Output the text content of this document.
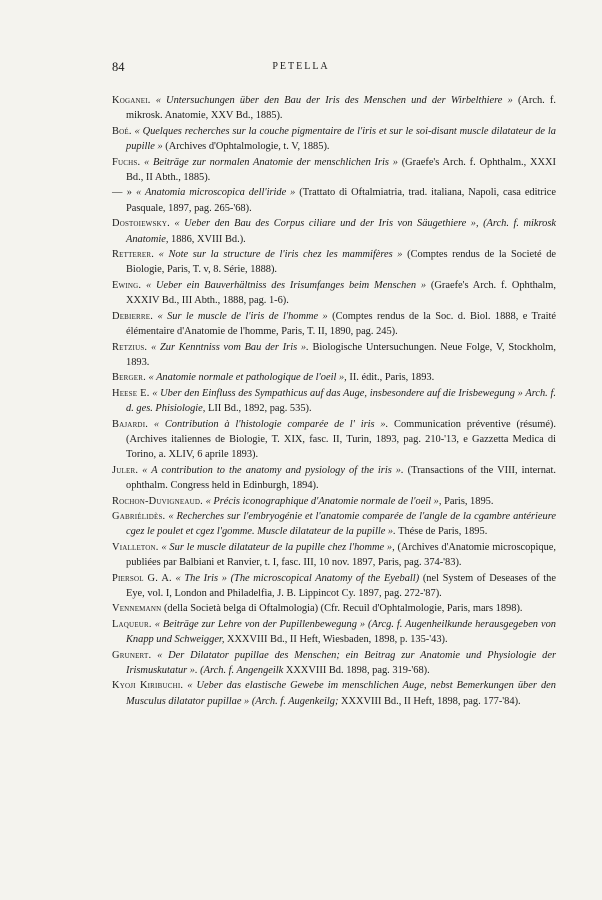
84	PETELLA

Koganei. « Untersuchungen über den Bau der Iris des Menschen und der Wirbelthiere » (Arch. f. mikrosk. Anatomie, XXV Bd., 1885).

Boé. « Quelques recherches sur la couche pigmentaire de l'iris et sur le soi-disant muscle dilatateur de la pupille » (Archives d'Ophtalmologie, t. V, 1885).

Fuchs. « Beiträge zur normalen Anatomie der menschlichen Iris » (Graefe's Arch. f. Ophthalm., XXXI Bd., II Abth., 1885).

— » « Anatomia microscopica dell'iride » (Trattato di Oftalmiatria, trad. italiana, Napoli, casa editrice Pasquale, 1897, pag. 265-'68).

Dostoiewsky. « Ueber den Bau des Corpus ciliare und der Iris von Säugethiere », (Arch. f. mikrosk Anatomie, 1886, XVIII Bd.).

Retterer. « Note sur la structure de l'iris chez les mammifères » (Comptes rendus de la Societé de Biologie, Paris, T. v, 8. Série, 1888).

Ewing. « Ueber ein Bauverhältniss des Irisumfanges beim Menschen » (Graefe's Arch. f. Ophthalm, XXXIV Bd., III Abth., 1888, pag. 1-6).

Debierre. « Sur le muscle de l'iris de l'homme » (Comptes rendus de la Soc. d. Biol. 1888, e Traité élémentaire d'Anatomie de l'homme, Paris, T. II, 1890, pag. 245).

Retzius. « Zur Kenntniss vom Bau der Iris ». Biologische Untersuchungen. Neue Folge, V, Stockholm, 1893.

Berger. « Anatomie normale et pathologique de l'oeil », II. édit., Paris, 1893.

Heese E. « Uber den Einfluss des Sympathicus auf das Auge, insbesondere auf die Irisbewegung » Arch. f. d. ges. Phisiologie, LII Bd., 1892, pag. 535).

Bajardi. « Contribution à l'histologie comparée de l' iris ». Communication préventive (résumé). (Archives italiennes de Biologie, T. XIX, fasc. II, Turin, 1893, pag. 210-'13, e Gazzetta Medica di Torino, a. XLIV, 6 aprile 1893).

Juler. « A contribution to the anatomy and pysiology of the iris ». (Transactions of the VIII, internat. ophthalm. Congress held in Edinburgh, 1894).

Rochon-Duvigneaud. « Précis iconographique d'Anatomie normale de l'oeil », Paris, 1895.

Gabriélidès. « Recherches sur l'embryogénie et l'anatomie comparée de l'angle de la cgambre antérieure cgez le poulet et cgez l'gomme. Muscle dilatateur de la pupille ». Thése de Paris, 1895.

Vialleton. « Sur le muscle dilatateur de la pupille chez l'homme », (Archives d'Anatomie microscopique, publiées par Balbiani et Ranvier, t. I, fasc. III, 10 nov. 1897, Paris, pag. 374-'83).

Piersol G. A. « The Iris » (The microscopical Anatomy of the Eyeball) (nel System of Deseases of the Eye, vol. I, London and Philadelfia, J. B. Lippincot Cy. 1897, pag. 272-'87).

Vennemann (della Società belga di Oftalmologia) (Cfr. Recuil d'Ophtalmologie, Paris, mars 1898).

Laqueur. « Beiträge zur Lehre von der Pupillenbewegung » (Arcg. f. Augenheilkunde herausgegeben von Knapp und Schweigger, XXXVIII Bd., II Heft, Wiesbaden, 1898, p. 135-'43).

Grunert. « Der Dilatator pupillae des Menschen; ein Beitrag zur Anatomie und Physiologie der Irismuskutatur ». (Arch. f. Angengeilk XXXVIII Bd. 1898, pag. 319-'68).

Kyoji Kiribuchi. « Ueber das elastische Gewebe im menschlichen Auge, nebst Bemerkungen über den Musculus dilatator pupillae » (Arch. f. Augenkeilg; XXXVIII Bd., II Heft, 1898, pag. 177-'84).
